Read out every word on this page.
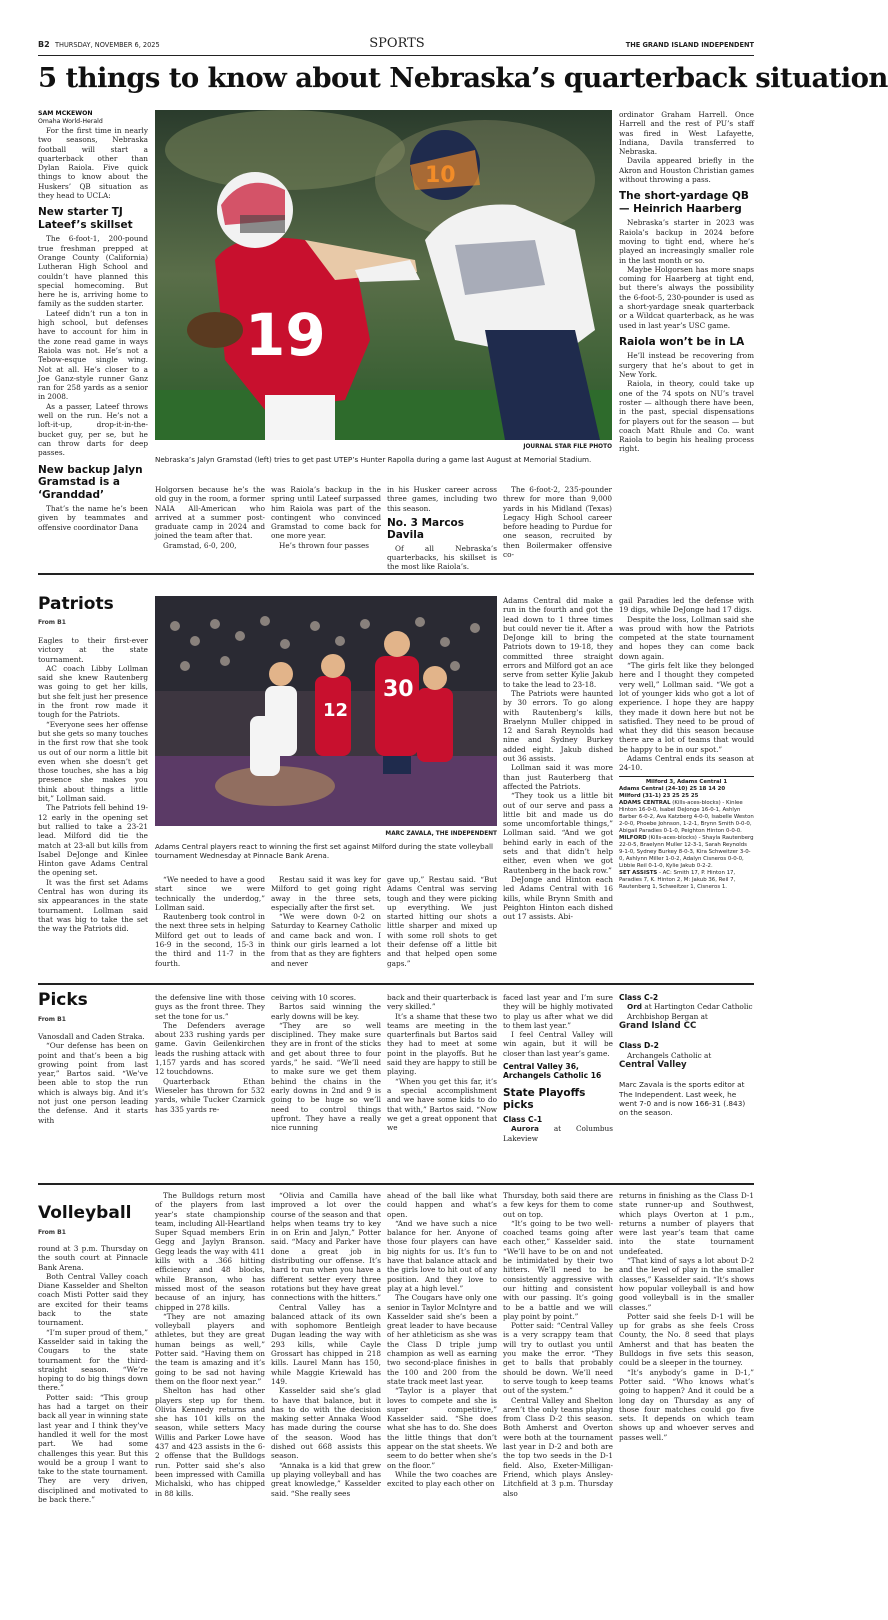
B2 THURSDAY, NOVEMBER 6, 2025	SPORTS	THE GRAND ISLAND INDEPENDENT
5 things to know about Nebraska’s quarterback situation
SAM MCKEWON
Omaha World-Herald

For the first time in nearly two seasons, Nebraska football will start a quarterback other than Dylan Raiola. Five quick things to know about the Huskers’ QB situation as they head to UCLA:

New starter TJ Lateef’s skillset

The 6-foot-1, 200-pound true freshman prepped at Orange County (California) Lutheran High School and couldn’t have planned this special homecoming. But here he is, arriving home to family as the sudden starter.

Lateef didn’t run a ton in high school, but defenses have to account for him in the zone read game in ways Raiola was not. He’s not a Tebow-esque single wing. Not at all. He’s closer to a Joe Ganz-style runner Ganz ran for 258 yards as a senior in 2008.

As a passer, Lateef throws well on the run. He’s not a loft-it-up, drop-it-in-the-bucket guy, per se, but he can throw darts for deep passes.

New backup Jalyn Gramstad is a ‘Granddad’

That’s the name he’s been given by teammates and offensive coordinator Dana

19
10
JOURNAL STAR FILE PHOTO
Nebraska’s Jalyn Gramstad (left) tries to get past UTEP’s Hunter Rapolla during a game last August at Memorial Stadium.

Holgorsen because he’s the old guy in the room, a former NAIA All-American who arrived at a summer post-graduate camp in 2024 and joined the team after that.

Gramstad, 6-0, 200,

was Raiola’s backup in the spring until Lateef surpassed him Raiola was part of the contingent who convinced Gramstad to come back for one more year.

He’s thrown four passes

in his Husker career across three games, including two this season.

No. 3 Marcos Davila

Of all Nebraska’s quarterbacks, his skillset is the most like Raiola’s.

The 6-foot-2, 235-pounder threw for more than 9,000 yards in his Midland (Texas) Legacy High School career before heading to Purdue for one season, recruited by then Boilermaker offensive co-

ordinator Graham Harrell. Once Harrell and the rest of PU’s staff was fired in West Lafayette, Indiana, Davila transferred to Nebraska.

Davila appeared briefly in the Akron and Houston Christian games without throwing a pass.

The short-yardage QB — Heinrich Haarberg

Nebraska’s starter in 2023 was Raiola’s backup in 2024 before moving to tight end, where he’s played an increasingly smaller role in the last month or so.

Maybe Holgorsen has more snaps coming for Haarberg at tight end, but there’s always the possibility the 6-foot-5, 230-pounder is used as a short-yardage sneak quarterback or a Wildcat quarterback, as he was used in last year’s USC game.

Raiola won’t be in LA

He’ll instead be recovering from surgery that he’s about to get in New York.

Raiola, in theory, could take up one of the 74 spots on NU’s travel roster — although there have been, in the past, special dispensations for players out for the season — but coach Matt Rhule and Co. want Raiola to begin his healing process right.

Patriots
From B1

Eagles to their first-ever victory at the state tournament.

AC coach Libby Lollman said she knew Rautenberg was going to get her kills, but she felt just her presence in the front row made it tough for the Patriots.

“Everyone sees her offense but she gets so many touches in the first row that she took us out of our norm a little bit even when she doesn’t get those touches, she has a big presence she makes you think about things a little bit,” Lollman said.

The Patriots fell behind 19-12 early in the opening set but rallied to take a 23-21 lead. Milford did tie the match at 23-all but kills from Isabel DeJonge and Kinlee Hinton gave Adams Central the opening set.

It was the first set Adams Central has won during its six appearances in the state tournament. Lollman said that was big to take the set the way the Patriots did.

30
12
MARC ZAVALA, THE INDEPENDENT
Adams Central players react to winning the first set against Milford during the state volleyball tournament Wednesday at Pinnacle Bank Arena.

“We needed to have a good start since we were technically the underdog,” Lollman said.

Rautenberg took control in the next three sets in helping Milford get out to leads of 16-9 in the second, 15-3 in the third and 11-7 in the fourth.

Restau said it was key for Milford to get going right away in the three sets, especially after the first set.

“We were down 0-2 on Saturday to Kearney Catholic and came back and won. I think our girls learned a lot from that as they are fighters and never

gave up,” Restau said. “But Adams Central was serving tough and they were picking up everything. We just started hitting our shots a little sharper and mixed up with some roll shots to get their defense off a little bit and that helped open some gaps.”

Adams Central did make a run in the fourth and got the lead down to 1 three times but could never tie it. After a DeJonge kill to bring the Patriots down to 19-18, they committed three straight errors and Milford got an ace serve from setter Kylie Jakub to take the lead to 23-18.

The Patriots were haunted by 30 errors. To go along with Rautenberg’s kills, Braelynn Muller chipped in 12 and Sarah Reynolds had nine and Sydney Burkey added eight. Jakub dished out 36 assists.

Lollman said it was more than just Rauterberg that affected the Patriots.

“They took us a little bit out of our serve and pass a little bit and made us do some uncomfortable things,” Lollman said. “And we got behind early in each of the sets and that didn’t help either, even when we got Rautenberg in the back row.”

DeJonge and Hinton each led Adams Central with 16 kills, while Brynn Smith and Peighton Hinton each dished out 17 assists. Abi-

gail Paradies led the defense with 19 digs, while DeJonge had 17 digs.

Despite the loss, Lollman said she was proud with how the Patriots competed at the state tournament and hopes they can come back down again.

“The girls felt like they belonged here and I thought they competed very well,” Lollman said. “We got a lot of younger kids who got a lot of experience. I hope they are happy they made it down here but not be satisfied. They need to be proud of what they did this season because there are a lot of teams that would be happy to be in our spot.”

Adams Central ends its season at 24-10.

Milford 3, Adams Central 1
Adams Central (24-10) 25 18 14 20
Milford (31-1) 23 25 25 25
ADAMS CENTRAL (Kills-aces-blocks) - Kinlee Hinton 16-0-0, Isabel DeJonge 16-0-1, Ashlyn Barber 6-0-2, Ava Katzberg 4-0-0, Isabelle Weston 2-0-0, Phoebe Johnson, 1-2-1, Brynn Smith 0-0-0, Abigail Paradies 0-1-0, Peighton Hinton 0-0-0.
MILFORD (Kills-aces-blocks) - Shayla Rautenberg 22-0-5, Braelynn Muller 12-3-1, Sarah Reynolds 9-1-0, Sydney Burkey 8-0-3, Kira Schweitzer 3-0-0, Ashlynn Miller 1-0-2, Adalyn Cisneros 0-0-0, Libbie Reil 0-1-0, Kylie Jakub 0-2-2.
SET ASSISTS - AC: Smith 17, P. Hinton 17, Paradies 7, K. Hinton 2, M: Jakub 36, Reil 7, Rautenberg 1, Schweitzer 1, Cisneros 1.
Picks
From B1

Vanosdall and Caden Straka.

“Our defense has been on point and that’s been a big growing point from last year,” Bartos said. “We’ve been able to stop the run which is always big. And it’s not just one person leading the defense. And it starts with

the defensive line with those guys as the front three. They set the tone for us.”

The Defenders average about 233 rushing yards per game. Gavin Geilenkirchen leads the rushing attack with 1,157 yards and has scored 12 touchdowns.

Quarterback Ethan Wieseler has thrown for 532 yards, while Tucker Czarnick has 335 yards re-

ceiving with 10 scores.

Bartos said winning the early downs will be key.

“They are so well disciplined. They make sure they are in front of the sticks and get about three to four yards,” he said. “We’ll need to make sure we get them behind the chains in the early downs in 2nd and 9 is going to be huge so we’ll need to control things upfront. They have a really nice running

back and their quarterback is very skilled.”

It’s a shame that these two teams are meeting in the quarterfinals but Bartos said they had to meet at some point in the playoffs. But he said they are happy to still be playing.

“When you get this far, it’s a special accomplishment and we have some kids to do that with,” Bartos said. “Now we get a great opponent that we

faced last year and I’m sure they will be highly motivated to play us after what we did to them last year.”

I feel Central Valley will win again, but it will be closer than last year’s game.

Central Valley 36, Archangels Catholic 16
State Playoffs picks
Class C-1

Aurora at Columbus Lakeview

Class C-2

Ord at Hartington Cedar Catholic

Archbishop Bergan at
Grand Island CC

Class D-2

Archangels Catholic at
Central Valley

Marc Zavala is the sports editor at The Independent. Last week, he went 7-0 and is now 166-31 (.843) on the season.

Volleyball
From B1

round at 3 p.m. Thursday on the south court at Pinnacle Bank Arena.

Both Central Valley coach Diane Kasselder and Shelton coach Misti Potter said they are excited for their teams back to the state tournament.

“I’m super proud of them,” Kasselder said in taking the Cougars to the state tournament for the third-straight season. “We’re hoping to do big things down there.”

Potter said: “This group has had a target on their back all year in winning state last year and I think they’ve handled it well for the most part. We had some challenges this year. But this would be a group I want to take to the state tournament. They are very driven, disciplined and motivated to be back there.”

The Bulldogs return most of the players from last year’s state championship team, including All-Heartland Super Squad members Erin Gegg and Jaylyn Branson. Gegg leads the way with 411 kills with a .366 hitting efficiency and 48 blocks, while Branson, who has missed most of the season because of an injury, has chipped in 278 kills.

“They are not amazing volleyball players and athletes, but they are great human beings as well,” Potter said. “Having them on the team is amazing and it’s going to be sad not having them on the floor next year.”

Shelton has had other players step up for them. Olivia Kennedy returns and she has 101 kills on the season, while setters Macy Willis and Parker Lowe have 437 and 423 assists in the 6-2 offense that the Bulldogs run. Potter said she’s also been impressed with Camilla Michalski, who has chipped in 88 kills.

“Olivia and Camilla have improved a lot over the course of the season and that helps when teams try to key in on Erin and Jalyn,” Potter said. “Macy and Parker have done a great job in distributing our offense. It’s hard to run when you have a different setter every three rotations but they have great connections with the hitters.”

Central Valley has a balanced attack of its own with sophomore Bentleigh Dugan leading the way with 293 kills, while Cayle Grossart has chipped in 218 kills. Laurel Mann has 150, while Maggie Kriewald has 149.

Kasselder said she’s glad to have that balance, but it has to do with the decision making setter Annaka Wood has made during the course of the season. Wood has dished out 668 assists this season.

“Annaka is a kid that grew up playing volleyball and has great knowledge,” Kasselder said. “She really sees

ahead of the ball like what could happen and what’s open.

“And we have such a nice balance for her. Anyone of those four players can have big nights for us. It’s fun to have that balance attack and the girls love to hit out of any position. And they love to play at a high level.”

The Cougars have only one senior in Taylor McIntyre and Kasselder said she’s been a great leader to have because of her athleticism as she was the Class D triple jump champion as well as earning two second-place finishes in the 100 and 200 from the state track meet last year.

“Taylor is a player that loves to compete and she is super competitive,” Kasselder said. “She does what she has to do. She does the little things that don’t appear on the stat sheets. We seem to do better when she’s on the floor.”

While the two coaches are excited to play each other on

Thursday, both said there are a few keys for them to come out on top.

“It’s going to be two well-coached teams going after each other,” Kasselder said. “We’ll have to be on and not be intimidated by their two hitters. We’ll need to be consistently aggressive with our hitting and consistent with our passing. It’s going to be a battle and we will play point by point.”

Potter said: “Central Valley is a very scrappy team that will try to outlast you until you make the error. “They get to balls that probably should be down. We’ll need to serve tough to keep teams out of the system.”

Central Valley and Shelton aren’t the only teams playing from Class D-2 this season. Both Amherst and Overton were both at the tournament last year in D-2 and both are the top two seeds in the D-1 field. Also, Exeter-Milligan-Friend, which plays Ansley-Litchfield at 3 p.m. Thursday also

returns in finishing as the Class D-1 state runner-up and Southwest, which plays Overton at 1 p.m., returns a number of players that were last year’s team that came into the state tournament undefeated.

“That kind of says a lot about D-2 and the level of play in the smaller classes,” Kasselder said. “It’s shows how popular volleyball is and how good volleyball is in the smaller classes.”

Potter said she feels D-1 will be up for grabs as she feels Cross County, the No. 8 seed that plays Amherst and that has beaten the Bulldogs in five sets this season, could be a sleeper in the tourney.

“It’s anybody’s game in D-1,” Potter said. “Who knows what’s going to happen? And it could be a long day on Thursday as any of those four matches could go five sets. It depends on which team shows up and whoever serves and passes well.”
